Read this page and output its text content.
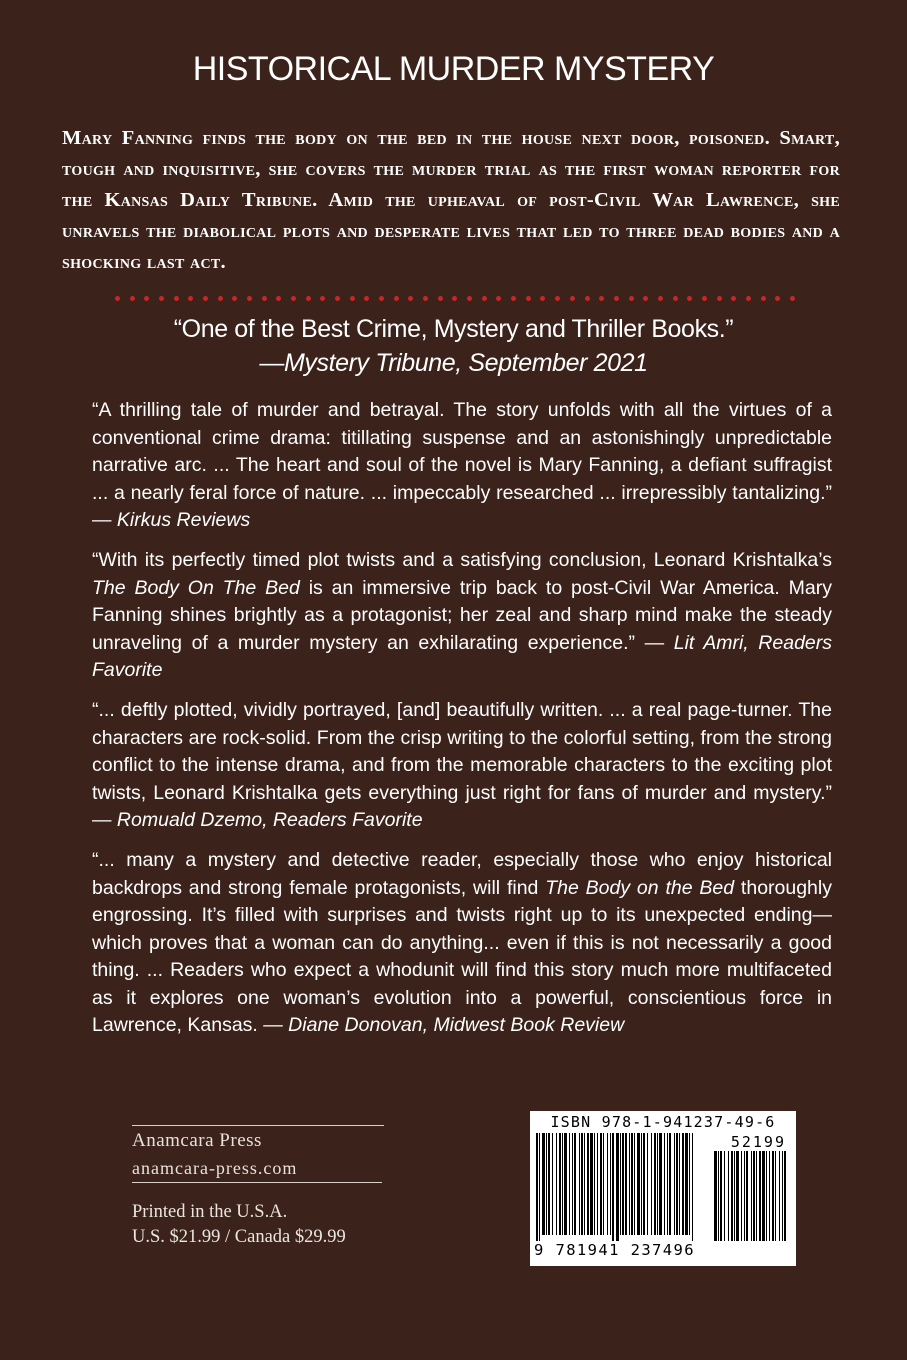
HISTORICAL MURDER MYSTERY
Mary Fanning finds the body on the bed in the house next door, poisoned. Smart, tough and inquisitive, she covers the murder trial as the first woman reporter for the Kansas Daily Tribune. Amid the upheaval of post-Civil War Lawrence, she unravels the diabolical plots and desperate lives that led to three dead bodies and a shocking last act.
“One of the Best Crime, Mystery and Thriller Books.”
—Mystery Tribune, September 2021

“A thrilling tale of murder and betrayal. The story unfolds with all the virtues of a conventional crime drama: titillating suspense and an astonishingly unpredictable narrative arc. ... The heart and soul of the novel is Mary Fanning, a defiant suffragist ... a nearly feral force of nature. ... impeccably researched ... irrepressibly tantalizing.” — Kirkus Reviews

“With its perfectly timed plot twists and a satisfying conclusion, Leonard Krishtalka’s The Body On The Bed is an immersive trip back to post-Civil War America. Mary Fanning shines brightly as a protagonist; her zeal and sharp mind make the steady unraveling of a murder mystery an exhilarating experience.” — Lit Amri, Readers Favorite

“... deftly plotted, vividly portrayed, [and] beautifully written. ... a real page-turner. The characters are rock-solid. From the crisp writing to the colorful setting, from the strong conflict to the intense drama, and from the memorable characters to the exciting plot twists, Leonard Krishtalka gets everything just right for fans of murder and mystery.” — Romuald Dzemo, Readers Favorite

“... many a mystery and detective reader, especially those who enjoy historical backdrops and strong female protagonists, will find The Body on the Bed thoroughly engrossing. It’s filled with surprises and twists right up to its unexpected ending—which proves that a woman can do anything... even if this is not necessarily a good thing. ... Readers who expect a whodunit will find this story much more multifaceted as it explores one woman’s evolution into a powerful, conscientious force in Lawrence, Kansas. — Diane Donovan, Midwest Book Review

Anamcara Press
anamcara-press.com
Printed in the U.S.A.
U.S. $21.99 / Canada $29.99
ISBN 978-1-941237-49-6
52199
9 781941 237496
